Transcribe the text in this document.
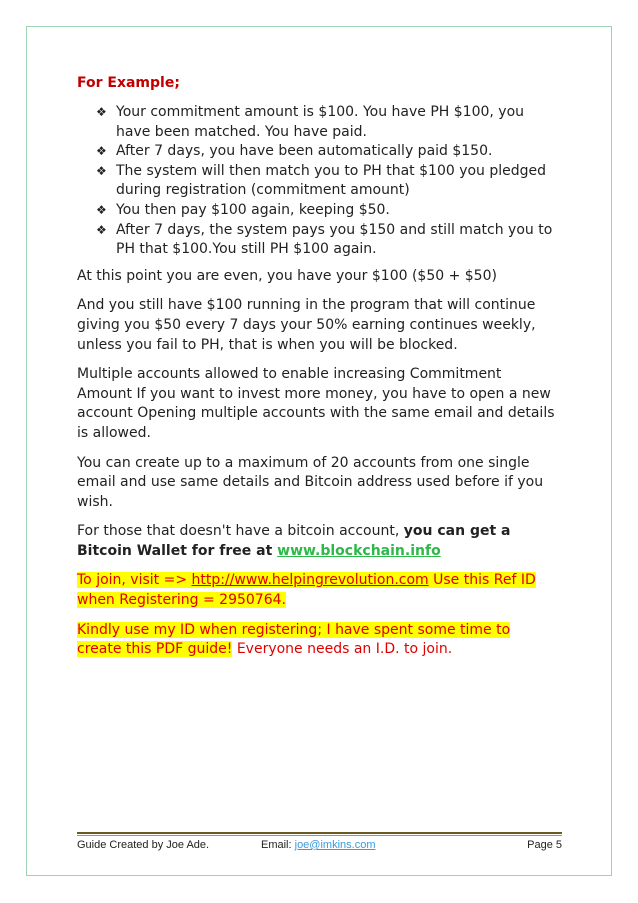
For Example;
❖ Your commitment amount is $100. You have PH $100, you have been matched. You have paid.
❖ After 7 days, you have been automatically paid $150.
❖ The system will then match you to PH that $100 you pledged during registration (commitment amount)
❖ You then pay $100 again, keeping $50.
❖ After 7 days, the system pays you $150 and still match you to PH that $100.You still PH $100 again.

At this point you are even, you have your $100 ($50 + $50)

And you still have $100 running in the program that will continue giving you $50 every 7 days your 50% earning continues weekly, unless you fail to PH, that is when you will be blocked.

Multiple accounts allowed to enable increasing Commitment Amount If you want to invest more money, you have to open a new account Opening multiple accounts with the same email and details is allowed.

You can create up to a maximum of 20 accounts from one single email and use same details and Bitcoin address used before if you wish.

For those that doesn't have a bitcoin account, you can get a Bitcoin Wallet for free at www.blockchain.info

To join, visit => http://www.helpingrevolution.com Use this Ref ID when Registering = 2950764.

Kindly use my ID when registering; I have spent some time to create this PDF guide! Everyone needs an I.D. to join.

Guide Created by Joe Ade.	Email: joe@imkins.com	Page 5
